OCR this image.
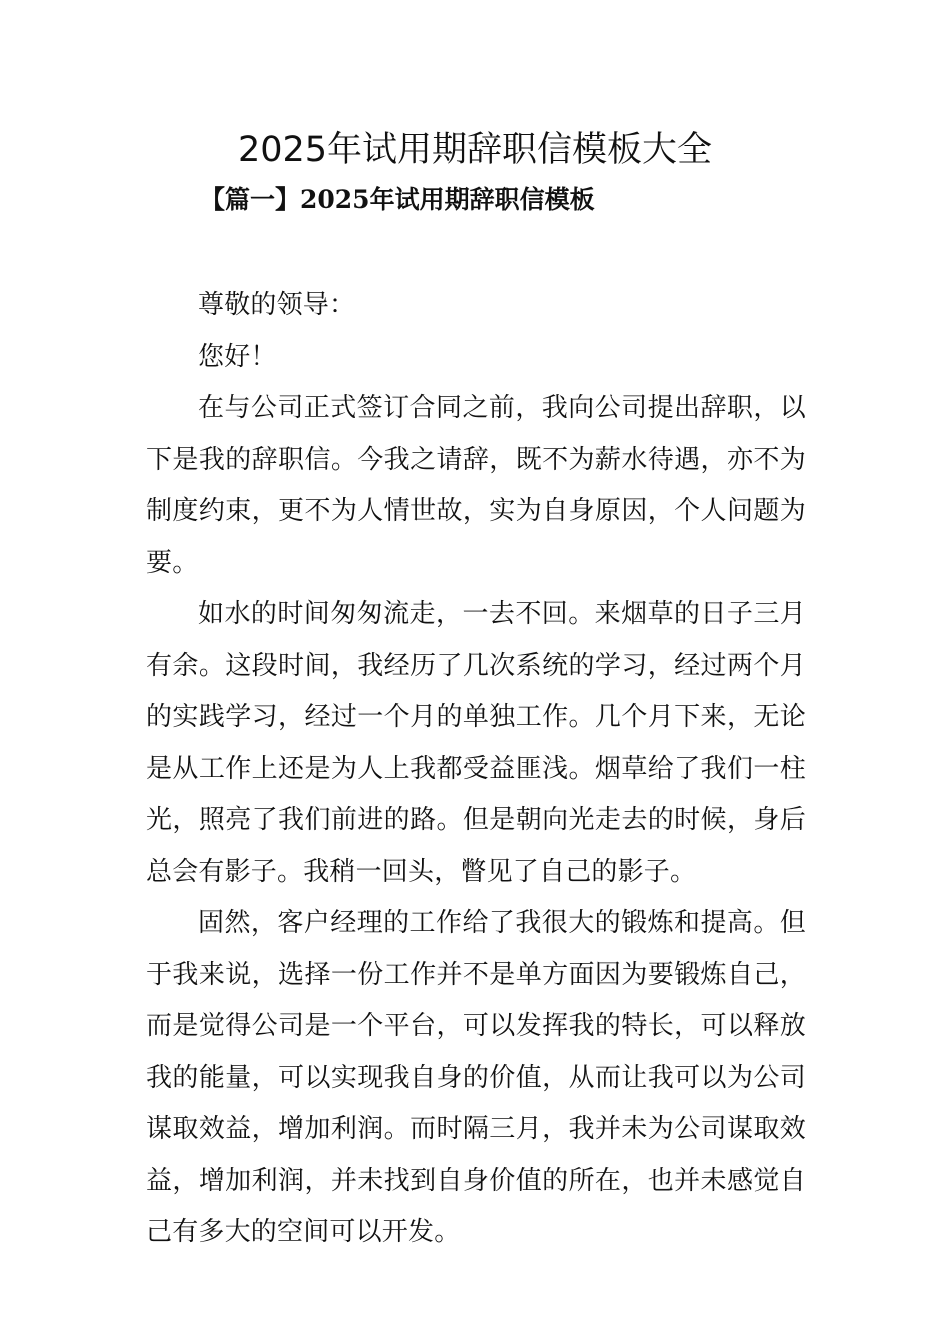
2025年试用期辞职信模板大全
【篇一】2025年试用期辞职信模板

尊敬的领导：

您好！

在与公司正式签订合同之前，我向公司提出辞职，以下是我的辞职信。今我之请辞，既不为薪水待遇，亦不为制度约束，更不为人情世故，实为自身原因，个人问题为要。

如水的时间匆匆流走，一去不回。来烟草的日子三月有余。这段时间，我经历了几次系统的学习，经过两个月的实践学习，经过一个月的单独工作。几个月下来，无论是从工作上还是为人上我都受益匪浅。烟草给了我们一柱光，照亮了我们前进的路。但是朝向光走去的时候，身后总会有影子。我稍一回头，瞥见了自己的影子。

固然，客户经理的工作给了我很大的锻炼和提高。但于我来说，选择一份工作并不是单方面因为要锻炼自己，而是觉得公司是一个平台，可以发挥我的特长，可以释放我的能量，可以实现我自身的价值，从而让我可以为公司谋取效益，增加利润。而时隔三月，我并未为公司谋取效益，增加利润，并未找到自身价值的所在，也并未感觉自己有多大的空间可以开发。
